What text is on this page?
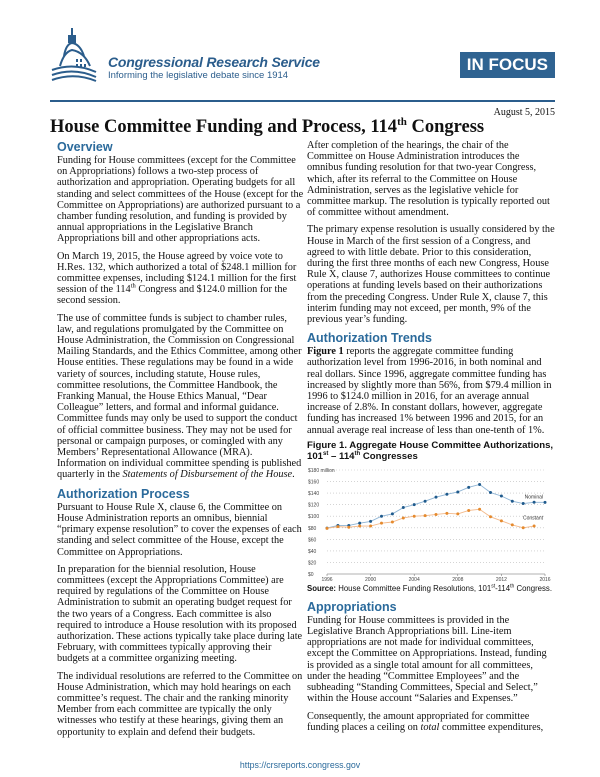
Congressional Research Service
Informing the legislative debate since 1914
IN FOCUS
August 5, 2015
House Committee Funding and Process, 114th Congress
Overview

Funding for House committees (except for the Committee on Appropriations) follows a two-step process of authorization and appropriation. Operating budgets for all standing and select committees of the House (except for the Committee on Appropriations) are authorized pursuant to a chamber funding resolution, and funding is provided by annual appropriations in the Legislative Branch Appropriations bill and other appropriations acts.

On March 19, 2015, the House agreed by voice vote to H.Res. 132, which authorized a total of $248.1 million for committee expenses, including $124.1 million for the first session of the 114th Congress and $124.0 million for the second session.

The use of committee funds is subject to chamber rules, law, and regulations promulgated by the Committee on House Administration, the Commission on Congressional Mailing Standards, and the Ethics Committee, among other House entities. These regulations may be found in a wide variety of sources, including statute, House rules, committee resolutions, the Committee Handbook, the Franking Manual, the House Ethics Manual, “Dear Colleague” letters, and formal and informal guidance. Committee funds may only be used to support the conduct of official committee business. They may not be used for personal or campaign purposes, or comingled with any Members’ Representational Allowance (MRA).

Information on individual committee spending is published quarterly in the Statements of Disbursement of the House.

Authorization Process

Pursuant to House Rule X, clause 6, the Committee on House Administration reports an omnibus, biennial “primary expense resolution” to cover the expenses of each standing and select committee of the House, except the Committee on Appropriations.

In preparation for the biennial resolution, House committees (except the Appropriations Committee) are required by regulations of the Committee on House Administration to submit an operating budget request for the two years of a Congress. Each committee is also required to introduce a House resolution with its proposed authorization. These actions typically take place during late February, with committees typically approving their budgets at a committee organizing meeting.

The individual resolutions are referred to the Committee on House Administration, which may hold hearings on each committee’s request. The chair and the ranking minority Member from each committee are typically the only witnesses who testify at these hearings, giving them an opportunity to explain and defend their budgets.

After completion of the hearings, the chair of the Committee on House Administration introduces the omnibus funding resolution for that two-year Congress, which, after its referral to the Committee on House Administration, serves as the legislative vehicle for committee markup. The resolution is typically reported out of committee without amendment.

The primary expense resolution is usually considered by the House in March of the first session of a Congress, and agreed to with little debate. Prior to this consideration, during the first three months of each new Congress, House Rule X, clause 7, authorizes House committees to continue operations at funding levels based on their authorizations from the preceding Congress. Under Rule X, clause 7, this interim funding may not exceed, per month, 9% of the previous year’s funding.

Authorization Trends

Figure 1 reports the aggregate committee funding authorization level from 1996-2016, in both nominal and real dollars. Since 1996, aggregate committee funding has increased by slightly more than 56%, from $79.4 million in 1996 to $124.0 million in 2016, for an average annual increase of 2.8%. In constant dollars, however, aggregate funding has increased 1% between 1996 and 2015, for an annual average real increase of less than one-tenth of 1%.

Figure 1. Aggregate House Committee Authorizations, 101st – 114th Congresses
$0
$20
$40
$60
$80
$100
$120
$140
$160
$180 million
1996	2000	2004	2008	2012	2016
Nominal
Constant
Source: House Committee Funding Resolutions, 101st-114th Congress.
Appropriations

Funding for House committees is provided in the Legislative Branch Appropriations bill. Line-item appropriations are not made for individual committees, except the Committee on Appropriations. Instead, funding is provided as a single total amount for all committees, under the heading “Committee Employees” and the subheading “Standing Committees, Special and Select,” within the House account “Salaries and Expenses.”

Consequently, the amount appropriated for committee funding places a ceiling on total committee expenditures,

https://crsreports.congress.gov
